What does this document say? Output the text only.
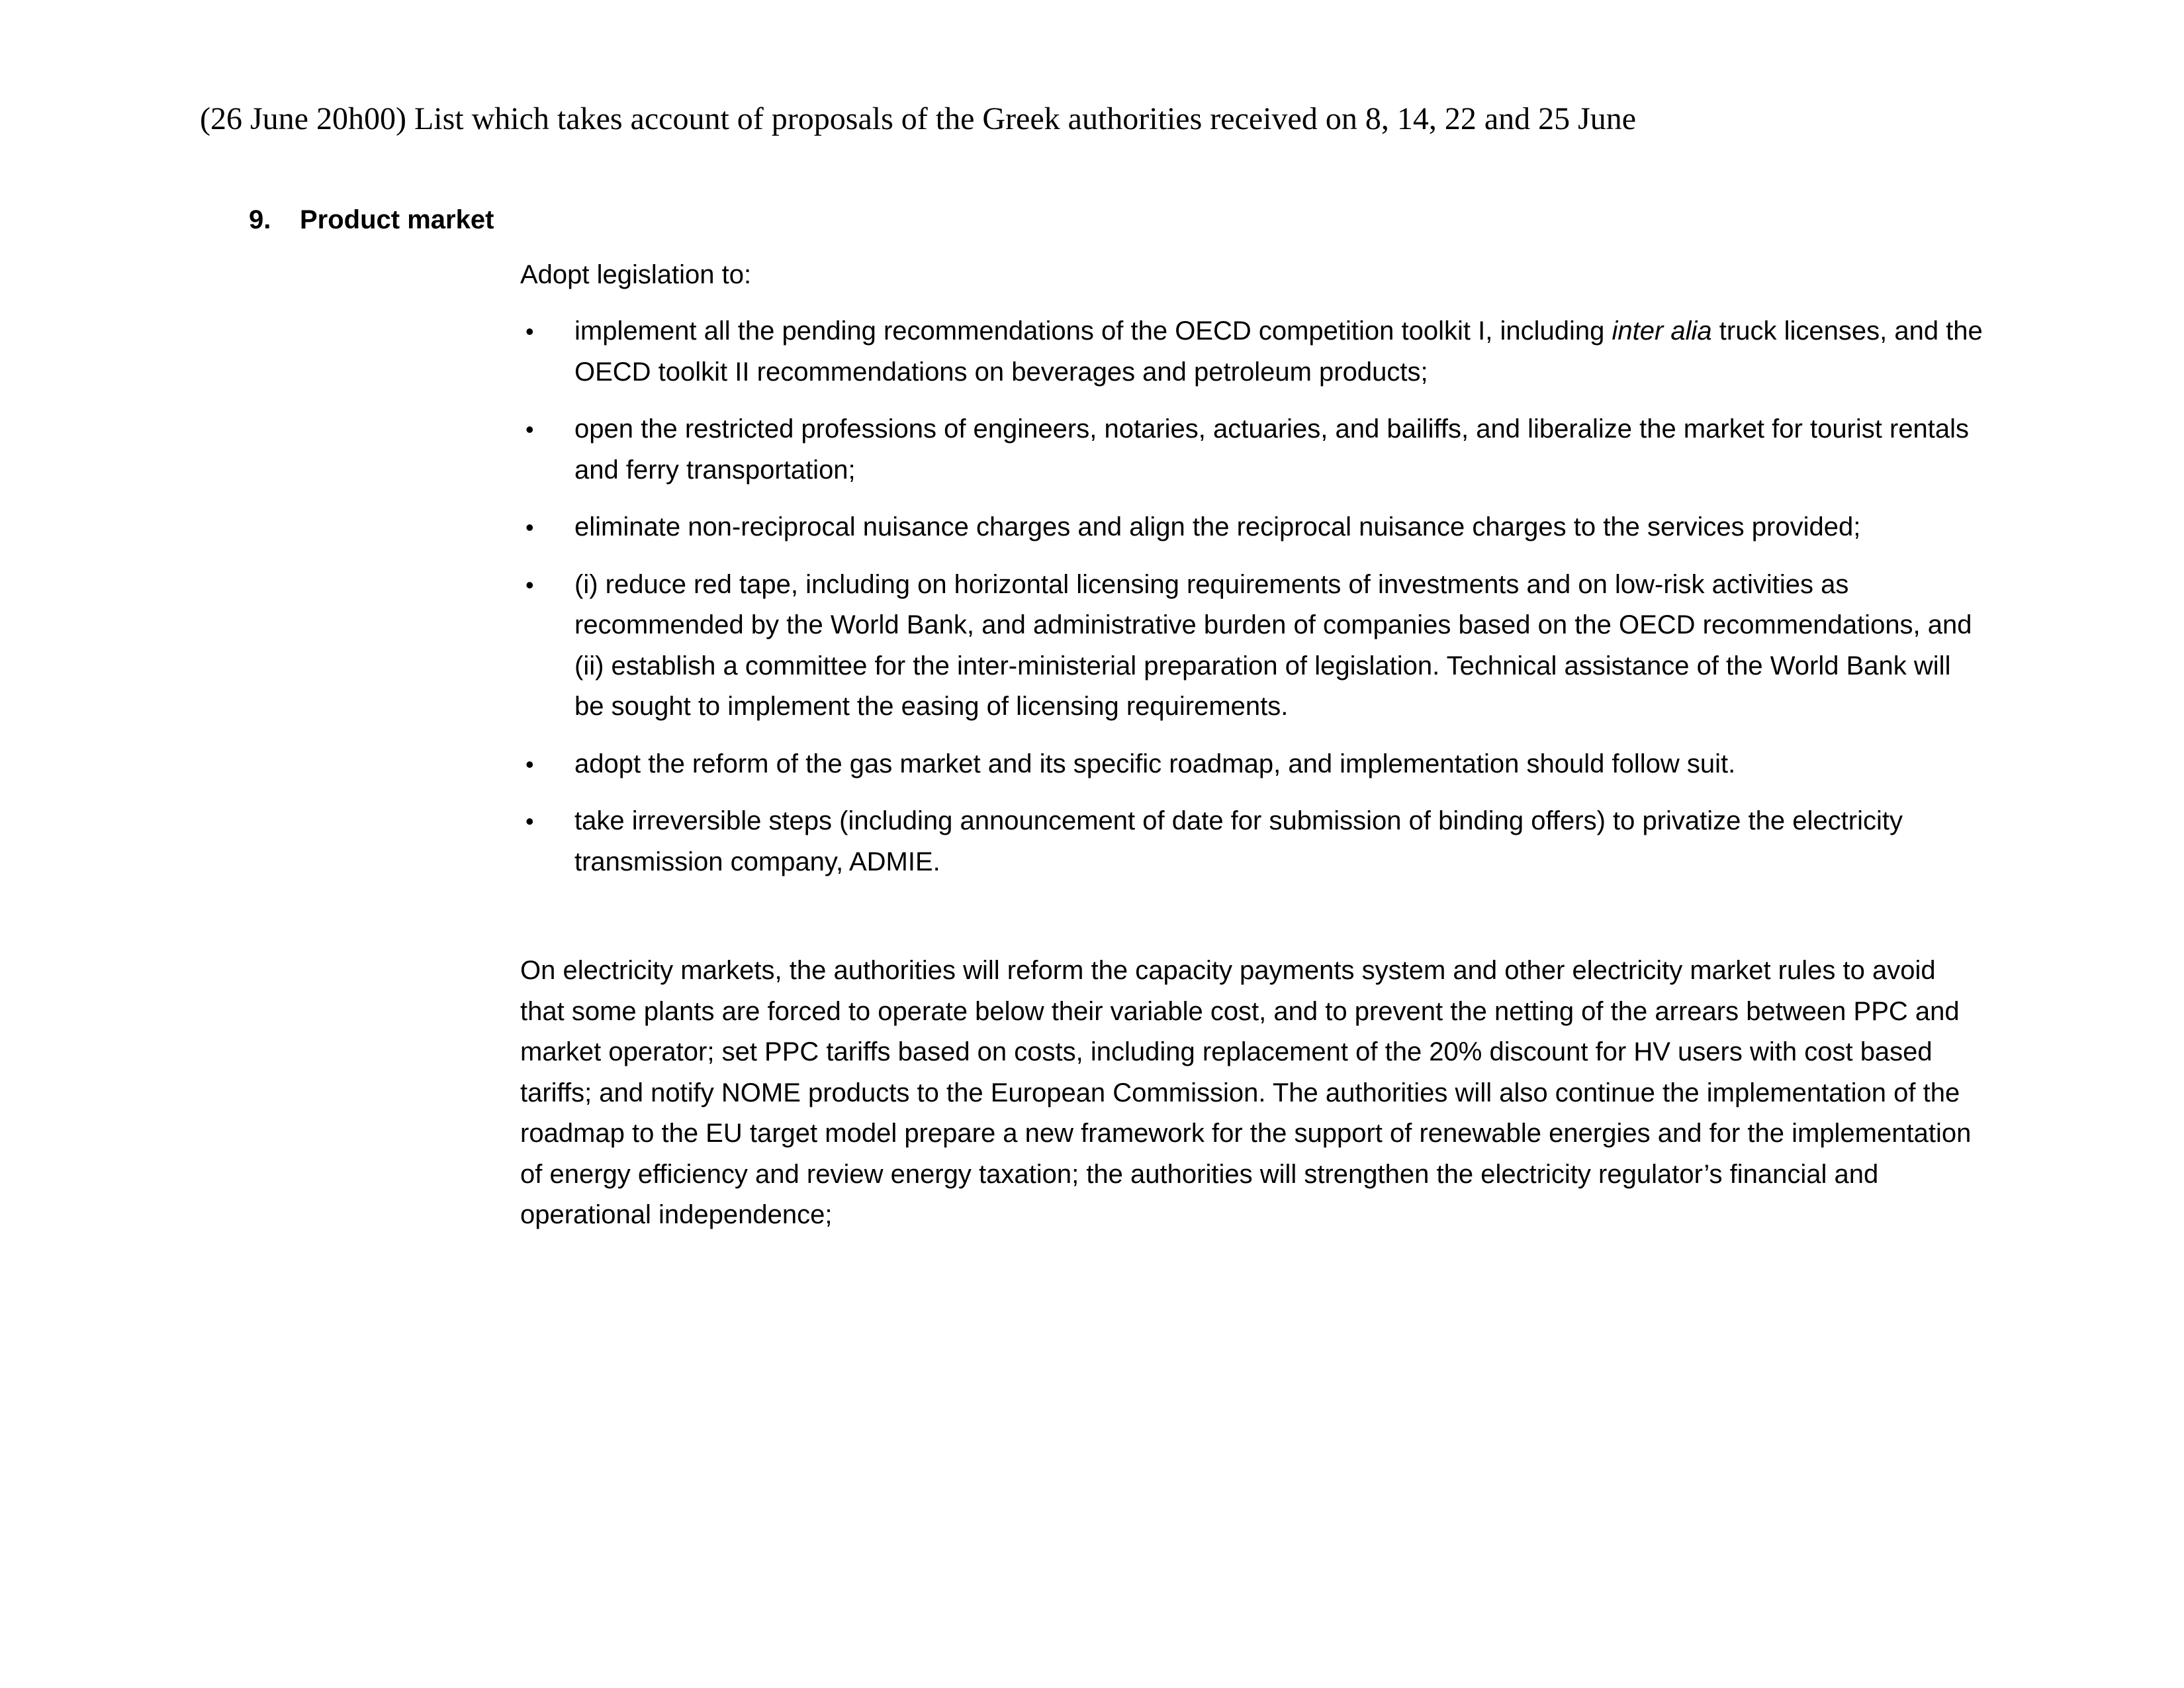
(26 June 20h00) List which takes account of proposals of the Greek authorities received on 8, 14, 22 and 25 June
9. Product market

Adopt legislation to:

• implement all the pending recommendations of the OECD competition toolkit I, including inter alia truck licenses, and the OECD toolkit II recommendations on beverages and petroleum products;
• open the restricted professions of engineers, notaries, actuaries, and bailiffs, and liberalize the market for tourist rentals and ferry transportation;
• eliminate non-reciprocal nuisance charges and align the reciprocal nuisance charges to the services provided;
• (i) reduce red tape, including on horizontal licensing requirements of investments and on low-risk activities as recommended by the World Bank, and administrative burden of companies based on the OECD recommendations, and (ii) establish a committee for the inter-ministerial preparation of legislation. Technical assistance of the World Bank will be sought to implement the easing of licensing requirements.
• adopt the reform of the gas market and its specific roadmap, and implementation should follow suit.
• take irreversible steps (including announcement of date for submission of binding offers) to privatize the electricity transmission company, ADMIE.

On electricity markets, the authorities will reform the capacity payments system and other electricity market rules to avoid that some plants are forced to operate below their variable cost, and to prevent the netting of the arrears between PPC and market operator; set PPC tariffs based on costs, including replacement of the 20% discount for HV users with cost based tariffs; and notify NOME products to the European Commission. The authorities will also continue the implementation of the roadmap to the EU target model prepare a new framework for the support of renewable energies and for the implementation of energy efficiency and review energy taxation; the authorities will strengthen the electricity regulator’s financial and operational independence;
